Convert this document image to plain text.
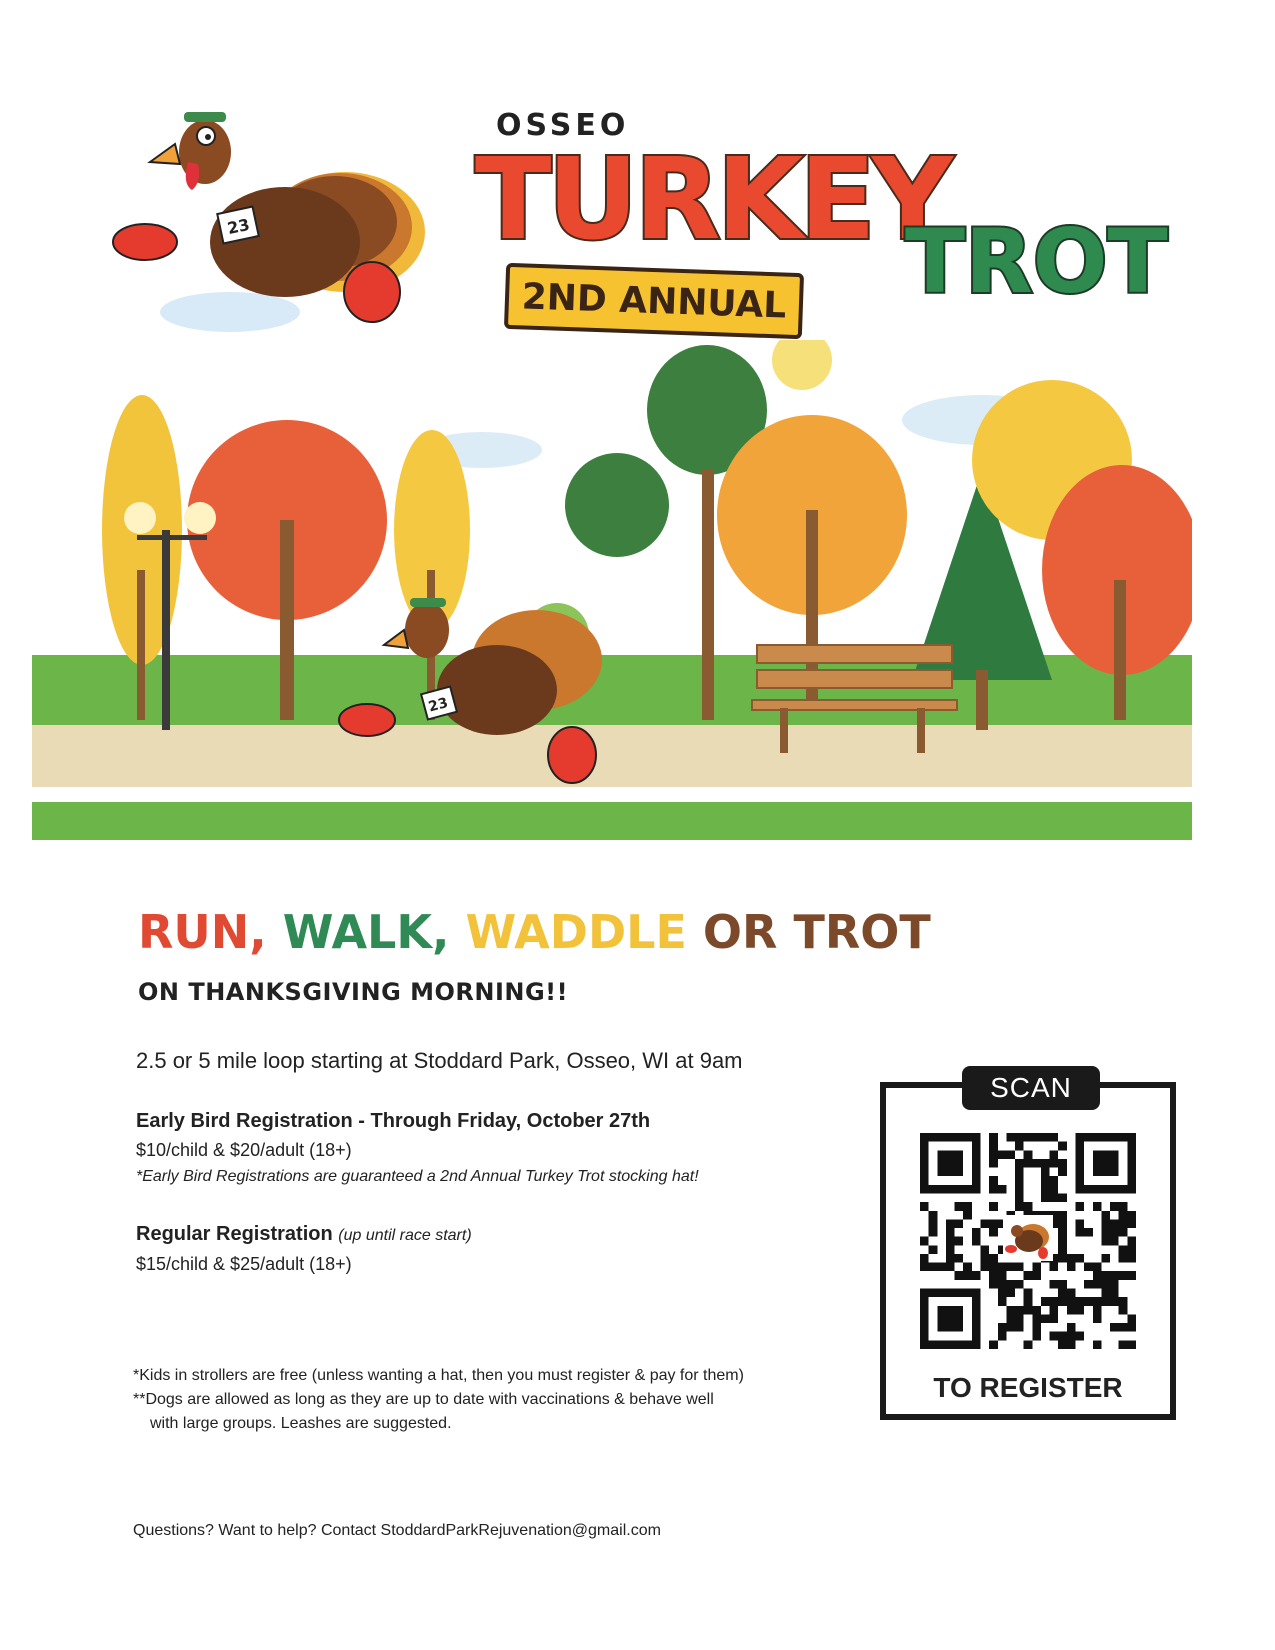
23
OSSEO
TURKEY
TROT
2ND ANNUAL
23
RUN, WALK, WADDLE OR TROT
ON THANKSGIVING MORNING!!
2.5 or 5 mile loop starting at Stoddard Park, Osseo, WI at 9am
Early Bird Registration - Through Friday, October 27th
$10/child & $20/adult (18+)
*Early Bird Registrations are guaranteed a 2nd Annual Turkey Trot stocking hat!
Regular Registration (up until race start)
$15/child & $25/adult (18+)
*Kids in strollers are free (unless wanting a hat, then you must register & pay for them)
**Dogs are allowed as long as they are up to date with vaccinations & behave well
with large groups. Leashes are suggested.
Questions? Want to help? Contact StoddardParkRejuvenation@gmail.com
SCAN
TO REGISTER
